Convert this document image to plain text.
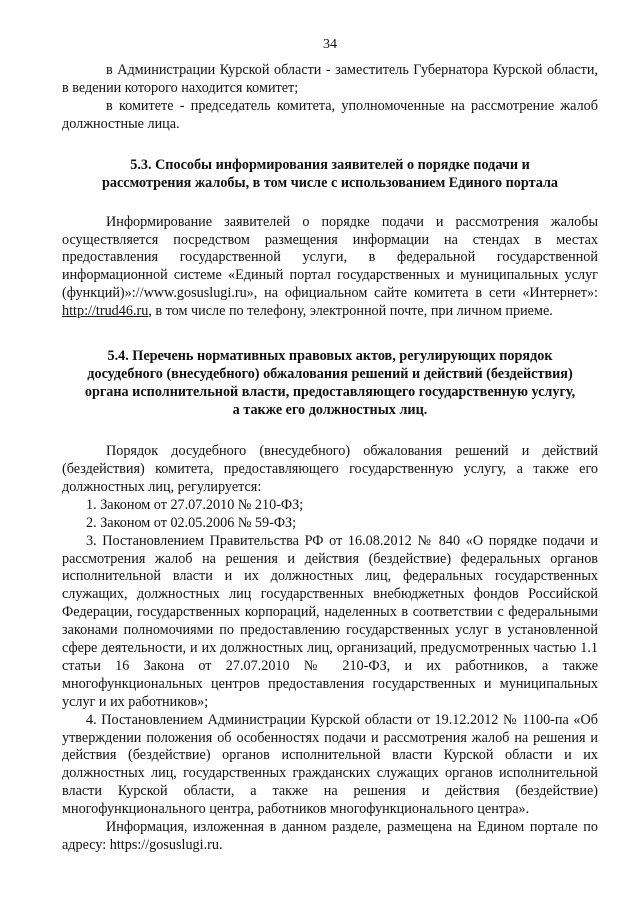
34

в Администрации Курской области - заместитель Губернатора Курской области, в ведении которого находится комитет;

в комитете - председатель комитета, уполномоченные на рассмотрение жалоб должностные лица.

5.3. Способы информирования заявителей о порядке подачи и
рассмотрения жалобы, в том числе с использованием Единого портала

Информирование заявителей о порядке подачи и рассмотрения жалобы осуществляется посредством размещения информации на стендах в местах предоставления государственной услуги, в федеральной государственной информационной системе «Единый портал государственных и муниципальных услуг (функций)»://www.gosuslugi.ru», на официальном сайте комитета в сети «Интернет»: http://trud46.ru, в том числе по телефону, электронной почте, при личном приеме.

5.4. Перечень нормативных правовых актов, регулирующих порядок
досудебного (внесудебного) обжалования решений и действий (бездействия)
органа исполнительной власти, предоставляющего государственную услугу,
а также его должностных лиц.

Порядок досудебного (внесудебного) обжалования решений и действий (бездействия) комитета, предоставляющего государственную услугу, а также его должностных лиц, регулируется:

1. Законом от 27.07.2010 № 210-ФЗ;

2. Законом от 02.05.2006 № 59-ФЗ;

3. Постановлением Правительства РФ от 16.08.2012 № 840 «О порядке подачи и рассмотрения жалоб на решения и действия (бездействие) федеральных органов исполнительной власти и их должностных лиц, федеральных государственных служащих, должностных лиц государственных внебюджетных фондов Российской Федерации, государственных корпораций, наделенных в соответствии с федеральными законами полномочиями по предоставлению государственных услуг в установленной сфере деятельности, и их должностных лиц, организаций, предусмотренных частью 1.1 статьи 16 Закона от 27.07.2010 № 210-ФЗ, и их работников, а также многофункциональных центров предоставления государственных и муниципальных услуг и их работников»;

4. Постановлением Администрации Курской области от 19.12.2012 № 1100-па «Об утверждении положения об особенностях подачи и рассмотрения жалоб на решения и действия (бездействие) органов исполнительной власти Курской области и их должностных лиц, государственных гражданских служащих органов исполнительной власти Курской области, а также на решения и действия (бездействие) многофункционального центра, работников многофункционального центра».

Информация, изложенная в данном разделе, размещена на Едином портале по адресу: https://gosuslugi.ru.
